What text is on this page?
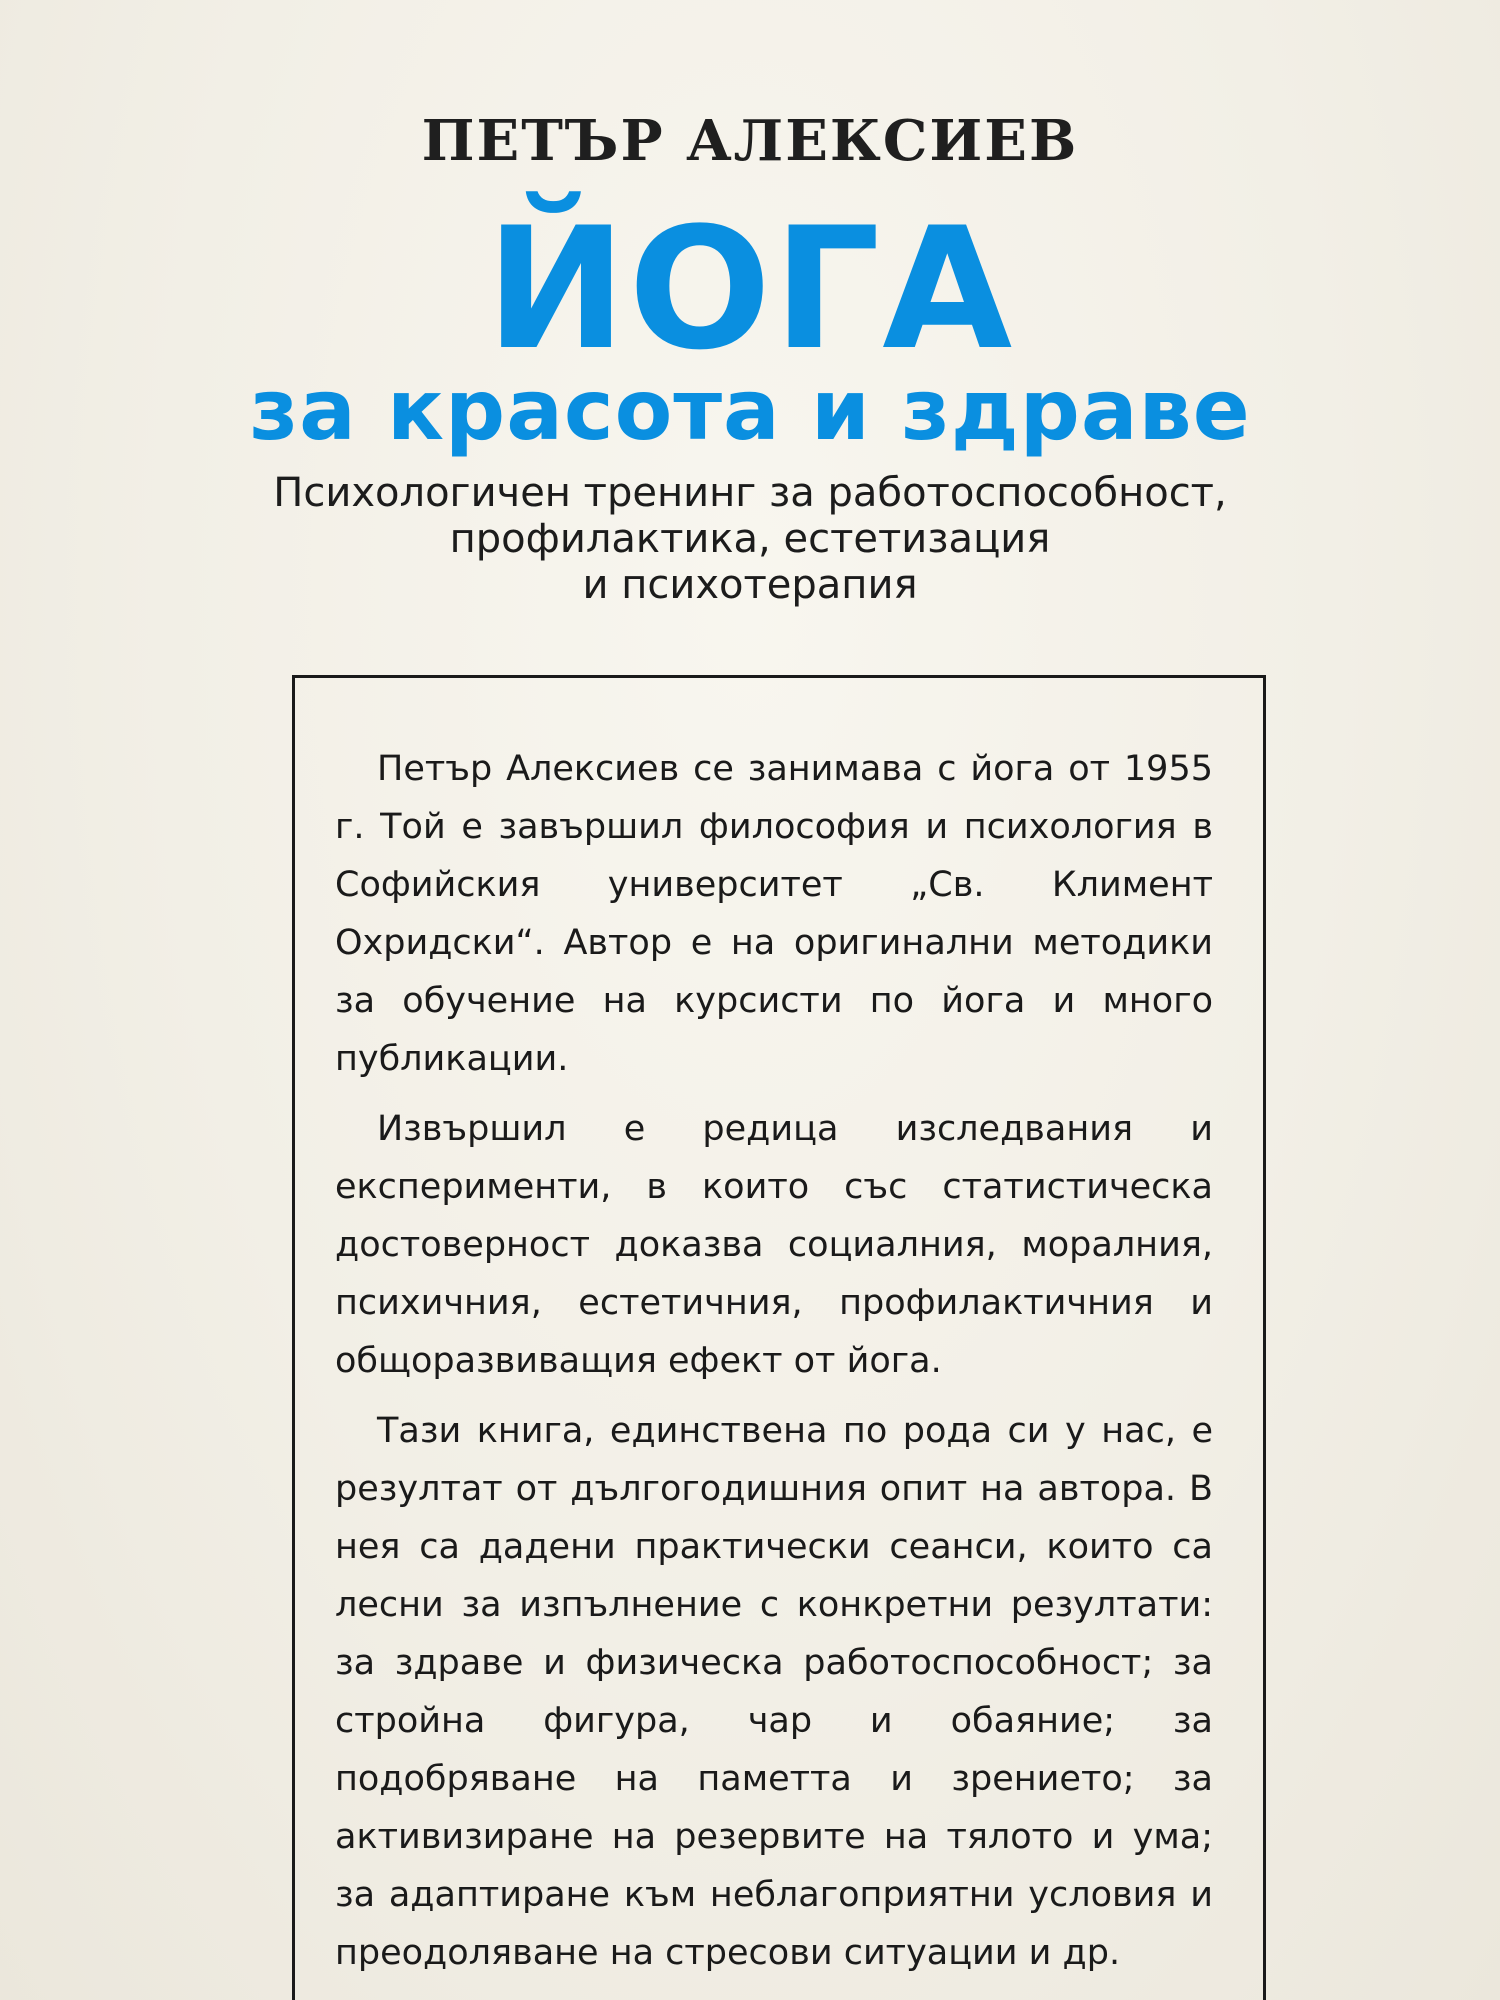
ПЕТЪР АЛЕКСИЕВ
ЙОГА
за красота и здраве
Психологичен тренинг за работоспособност,
профилактика, естетизация
и психотерапия

Петър Алексиев се занимава с йога от 1955 г. Той е завършил философия и психология в Софийския университет „Св. Климент Охридски“. Автор е на оригинални методики за обучение на курсисти по йога и много публикации.

Извършил е редица изследвания и експерименти, в които със статистическа достоверност доказва социалния, моралния, психичния, естетичния, профилактичния и общоразвиващия ефект от йога.

Тази книга, единствена по рода си у нас, е резултат от дългогодишния опит на автора. В нея са дадени практически сеанси, които са лесни за изпълнение с конкретни резултати: за здраве и физическа работоспособност; за стройна фигура, чар и обаяние; за подобряване на паметта и зрението; за активизиране на резервите на тялото и ума; за адаптиране към неблагоприятни условия и преодоляване на стресови ситуации и др.
